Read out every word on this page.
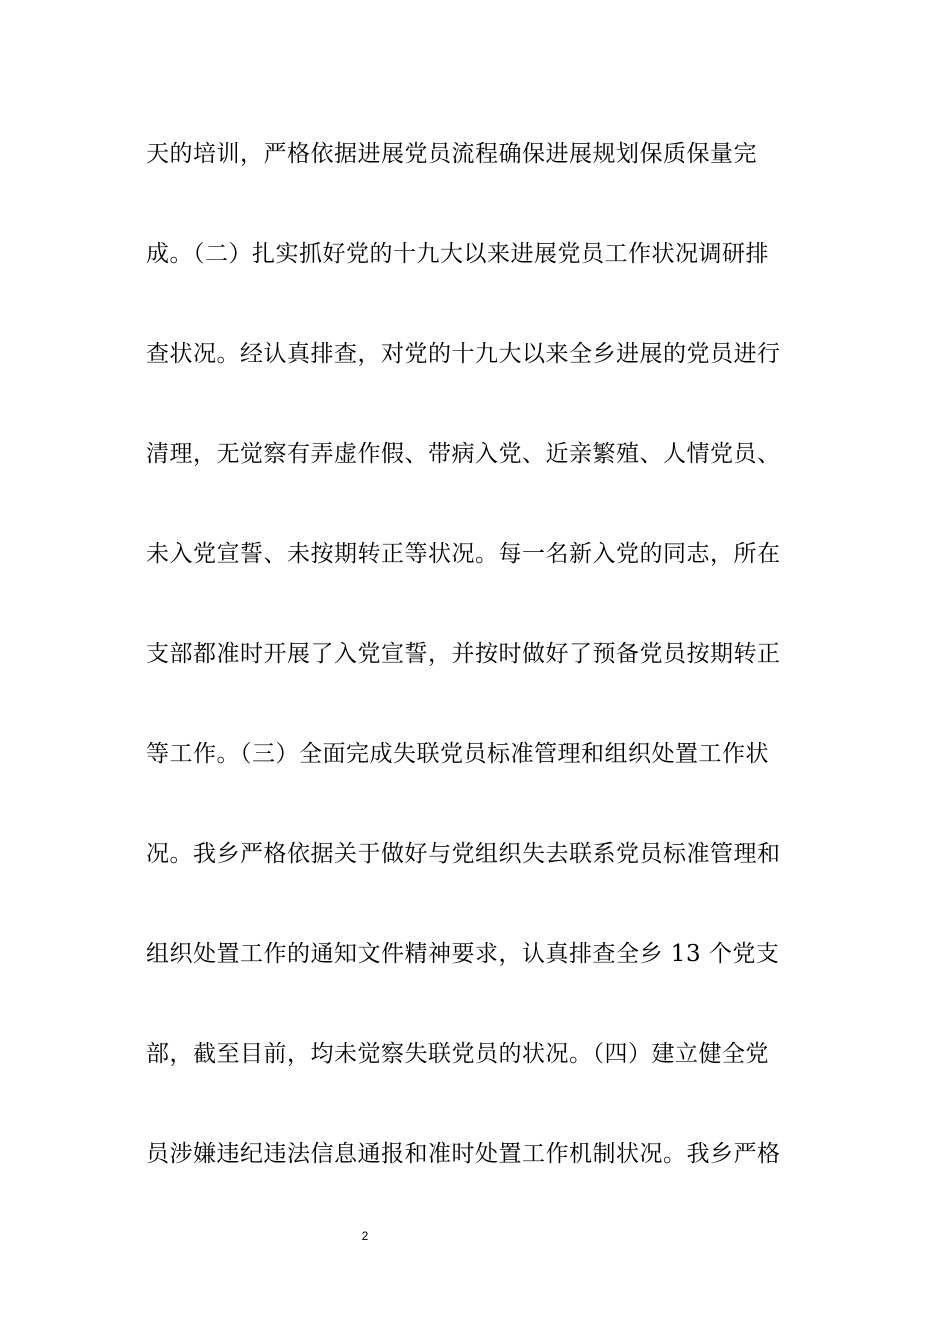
天的培训，严格依据进展党员流程确保进展规划保质保量完
成。（二）扎实抓好党的十九大以来进展党员工作状况调研排
查状况。经认真排查，对党的十九大以来全乡进展的党员进行
清理，无觉察有弄虚作假、带病入党、近亲繁殖、人情党员、
未入党宣誓、未按期转正等状况。每一名新入党的同志，所在
支部都准时开展了入党宣誓，并按时做好了预备党员按期转正
等工作。（三）全面完成失联党员标准管理和组织处置工作状
况。我乡严格依据关于做好与党组织失去联系党员标准管理和
组织处置工作的通知文件精神要求，认真排查全乡 13 个党支
部，截至目前，均未觉察失联党员的状况。（四）建立健全党
员涉嫌违纪违法信息通报和准时处置工作机制状况。我乡严格
2
